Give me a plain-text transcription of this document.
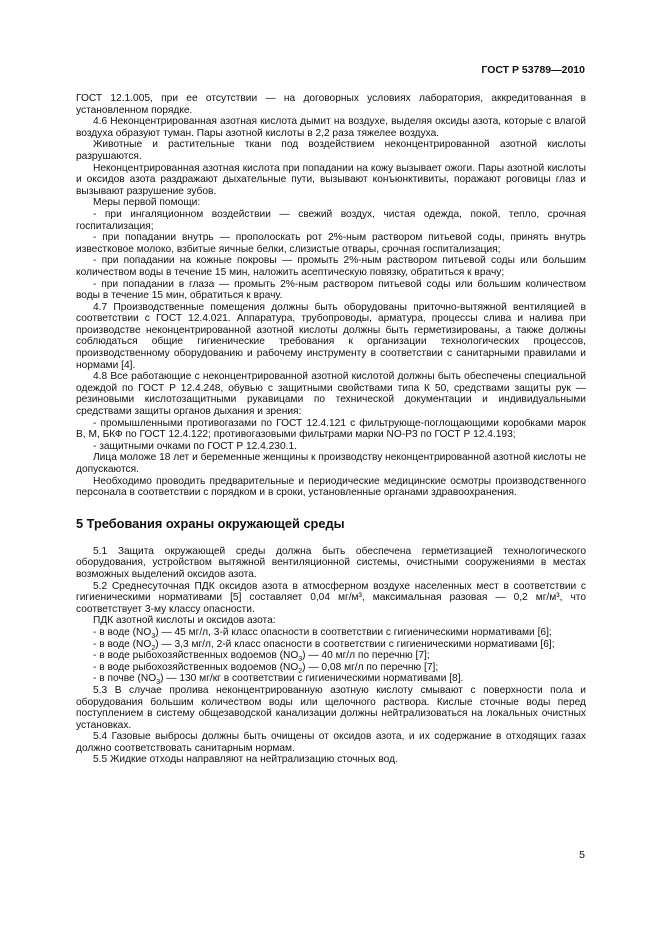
ГОСТ Р 53789—2010

ГОСТ 12.1.005, при ее отсутствии — на договорных условиях лаборатория, аккредитованная в установленном порядке.

4.6 Неконцентрированная азотная кислота дымит на воздухе, выделяя оксиды азота, которые с влагой воздуха образуют туман. Пары азотной кислоты в 2,2 раза тяжелее воздуха.

Животные и растительные ткани под воздействием неконцентрированной азотной кислоты разрушаются.

Неконцентрированная азотная кислота при попадании на кожу вызывает ожоги. Пары азотной кислоты и оксидов азота раздражают дыхательные пути, вызывают конъюнктивиты, поражают роговицы глаз и вызывают разрушение зубов.

Меры первой помощи:

- при ингаляционном воздействии — свежий воздух, чистая одежда, покой, тепло, срочная госпитализация;

- при попадании внутрь — прополоскать рот 2%-ным раствором питьевой соды, принять внутрь известковое молоко, взбитые яичные белки, слизистые отвары, срочная госпитализация;

- при попадании на кожные покровы — промыть 2%-ным раствором питьевой соды или большим количеством воды в течение 15 мин, наложить асептическую повязку, обратиться к врачу;

- при попадании в глаза — промыть 2%-ным раствором питьевой соды или большим количеством воды в течение 15 мин, обратиться к врачу.

4.7 Производственные помещения должны быть оборудованы приточно-вытяжной вентиляцией в соответствии с ГОСТ 12.4.021. Аппаратура, трубопроводы, арматура, процессы слива и налива при производстве неконцентрированной азотной кислоты должны быть герметизированы, а также должны соблюдаться общие гигиенические требования к организации технологических процессов, производственному оборудованию и рабочему инструменту в соответствии с санитарными правилами и нормами [4].

4.8 Все работающие с неконцентрированной азотной кислотой должны быть обеспечены специальной одеждой по ГОСТ Р 12.4.248, обувью с защитными свойствами типа К 50, средствами защиты рук — резиновыми кислотозащитными рукавицами по технической документации и индивидуальными средствами защиты органов дыхания и зрения:

- промышленными противогазами по ГОСТ 12.4.121 с фильтрующе-поглощающими коробками марок В, М, БКФ по ГОСТ 12.4.122; противогазовыми фильтрами марки NO-P3 по ГОСТ Р 12.4.193;

- защитными очками по ГОСТ Р 12.4.230.1.

Лица моложе 18 лет и беременные женщины к производству неконцентрированной азотной кислоты не допускаются.

Необходимо проводить предварительные и периодические медицинские осмотры производственного персонала в соответствии с порядком и в сроки, установленные органами здравоохранения.

5 Требования охраны окружающей среды

5.1 Защита окружающей среды должна быть обеспечена герметизацией технологического оборудования, устройством вытяжной вентиляционной системы, очистными сооружениями в местах возможных выделений оксидов азота.

5.2 Среднесуточная ПДК оксидов азота в атмосферном воздухе населенных мест в соответствии с гигиеническими нормативами [5] составляет 0,04 мг/м³, максимальная разовая — 0,2 мг/м³, что соответствует 3-му классу опасности.

ПДК азотной кислоты и оксидов азота:

- в воде $(NO_3)$ — 45 мг/л, 3-й класс опасности в соответствии с гигиеническими нормативами [6];

- в воде $(NO_2)$ — 3,3 мг/л, 2-й класс опасности в соответствии с гигиеническими нормативами [6];

- в воде рыбохозяйственных водоемов $(NO_3)$ — 40 мг/л по перечню [7];

- в воде рыбохозяйственных водоемов $(NO_2)$ — 0,08 мг/л по перечню [7];

- в почве $(NO_3)$ — 130 мг/кг в соответствии с гигиеническими нормативами [8].

5.3 В случае пролива неконцентрированную азотную кислоту смывают с поверхности пола и оборудования большим количеством воды или щелочного раствора. Кислые сточные воды перед поступлением в систему общезаводской канализации должны нейтрализоваться на локальных очистных установках.

5.4 Газовые выбросы должны быть очищены от оксидов азота, и их содержание в отходящих газах должно соответствовать санитарным нормам.

5.5 Жидкие отходы направляют на нейтрализацию сточных вод.

5
